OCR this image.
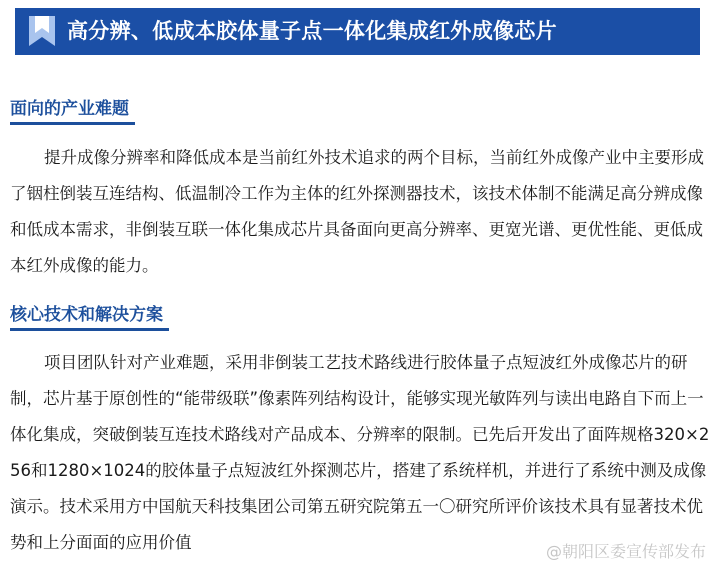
高分辨、低成本胶体量子点一体化集成红外成像芯片
面向的产业难题

提升成像分辨率和降低成本是当前红外技术追求的两个目标，当前红外成像产业中主要形成了铟柱倒装互连结构、低温制冷工作为主体的红外探测器技术，该技术体制不能满足高分辨成像和低成本需求，非倒装互联一体化集成芯片具备面向更高分辨率、更宽光谱、更优性能、更低成本红外成像的能力。

核心技术和解决方案

项目团队针对产业难题，采用非倒装工艺技术路线进行胶体量子点短波红外成像芯片的研制，芯片基于原创性的“能带级联”像素阵列结构设计，能够实现光敏阵列与读出电路自下而上一体化集成，突破倒装互连技术路线对产品成本、分辨率的限制。已先后开发出了面阵规格320×256和1280×1024的胶体量子点短波红外探测芯片，搭建了系统样机，并进行了系统中测及成像演示。技术采用方中国航天科技集团公司第五研究院第五一〇研究所评价该技术具有显著技术优势和上分面面的应用价值	@朝阳区委宣传部发布
